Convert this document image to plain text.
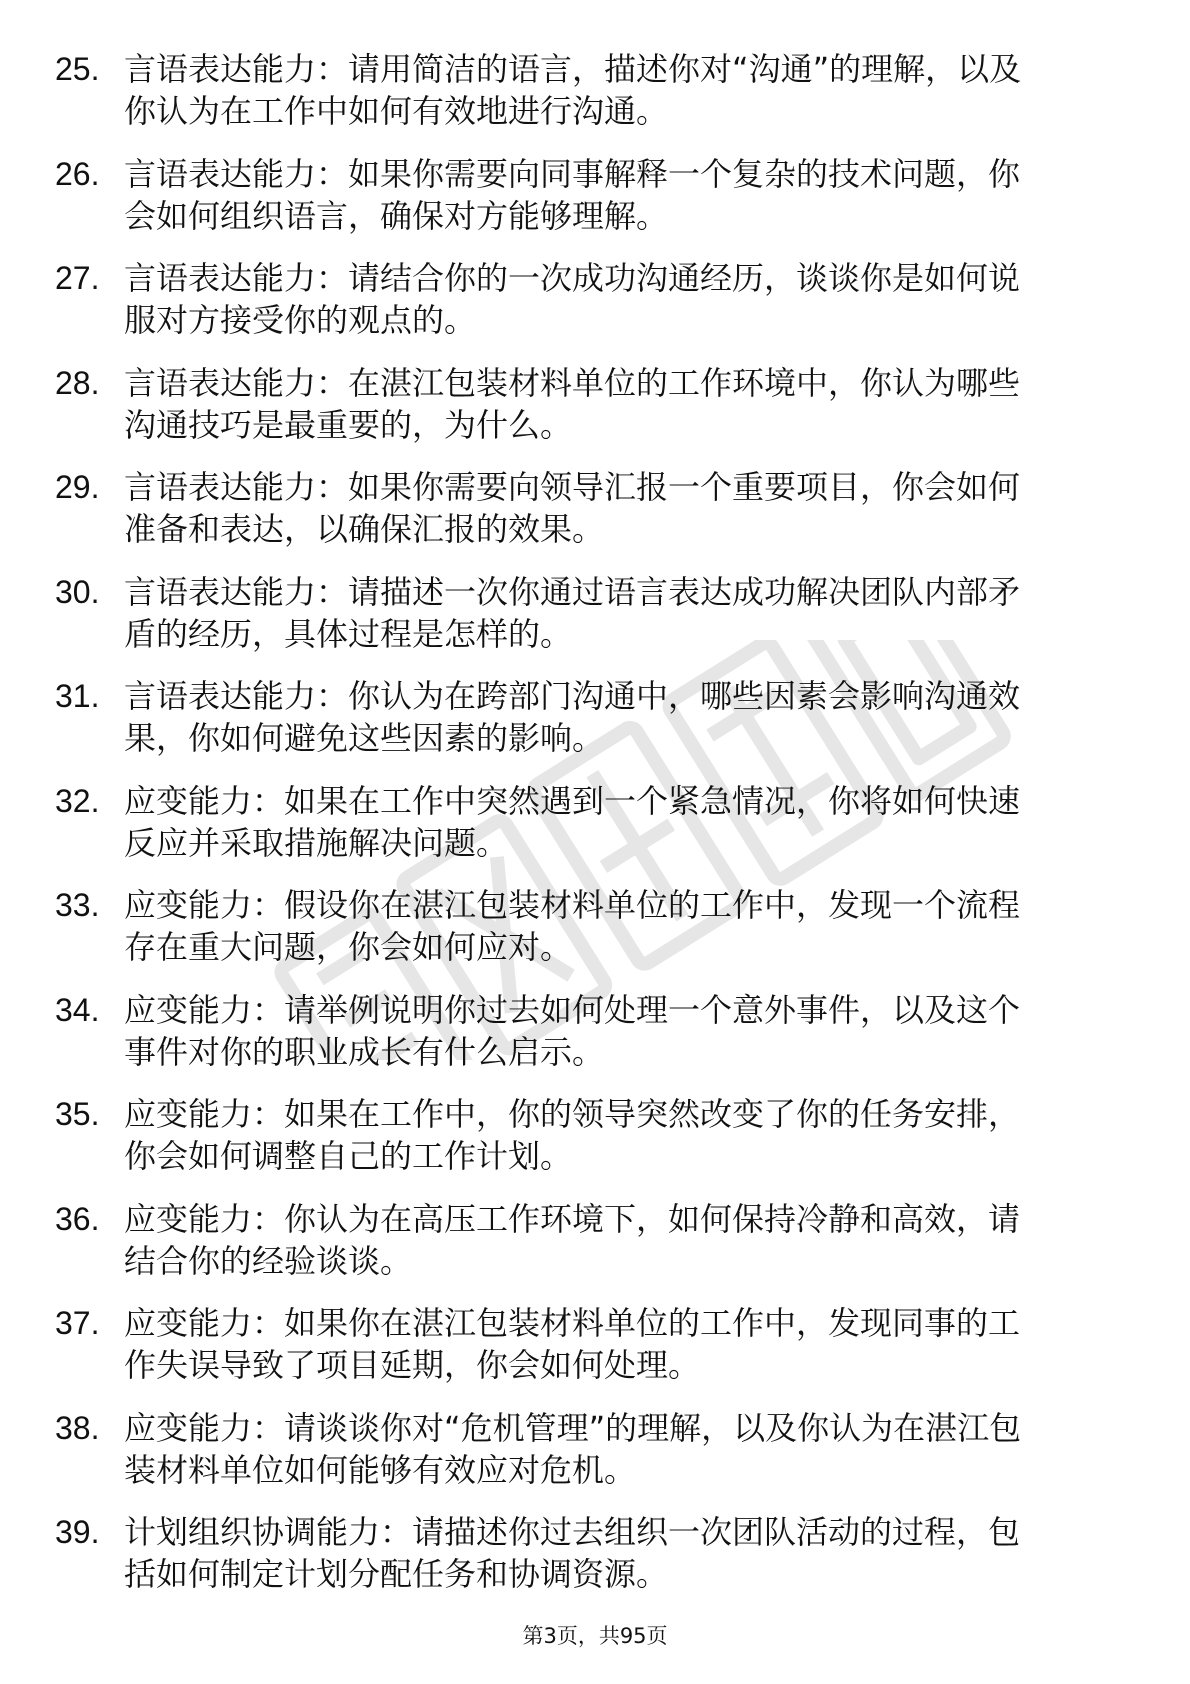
25. 言语表达能力：请用简洁的语言，描述你对“沟通”的理解，以及
你认为在工作中如何有效地进行沟通。
26. 言语表达能力：如果你需要向同事解释一个复杂的技术问题，你
会如何组织语言，确保对方能够理解。
27. 言语表达能力：请结合你的一次成功沟通经历，谈谈你是如何说
服对方接受你的观点的。
28. 言语表达能力：在湛江包装材料单位的工作环境中，你认为哪些
沟通技巧是最重要的，为什么。
29. 言语表达能力：如果你需要向领导汇报一个重要项目，你会如何
准备和表达，以确保汇报的效果。
30. 言语表达能力：请描述一次你通过语言表达成功解决团队内部矛
盾的经历，具体过程是怎样的。
31. 言语表达能力：你认为在跨部门沟通中，哪些因素会影响沟通效
果，你如何避免这些因素的影响。
32. 应变能力：如果在工作中突然遇到一个紧急情况，你将如何快速
反应并采取措施解决问题。
33. 应变能力：假设你在湛江包装材料单位的工作中，发现一个流程
存在重大问题，你会如何应对。
34. 应变能力：请举例说明你过去如何处理一个意外事件，以及这个
事件对你的职业成长有什么启示。
35. 应变能力：如果在工作中，你的领导突然改变了你的任务安排，
你会如何调整自己的工作计划。
36. 应变能力：你认为在高压工作环境下，如何保持冷静和高效，请
结合你的经验谈谈。
37. 应变能力：如果你在湛江包装材料单位的工作中，发现同事的工
作失误导致了项目延期，你会如何处理。
38. 应变能力：请谈谈你对“危机管理”的理解，以及你认为在湛江包
装材料单位如何能够有效应对危机。
39. 计划组织协调能力：请描述你过去组织一次团队活动的过程，包
括如何制定计划分配任务和协调资源。
第3页，共95页
